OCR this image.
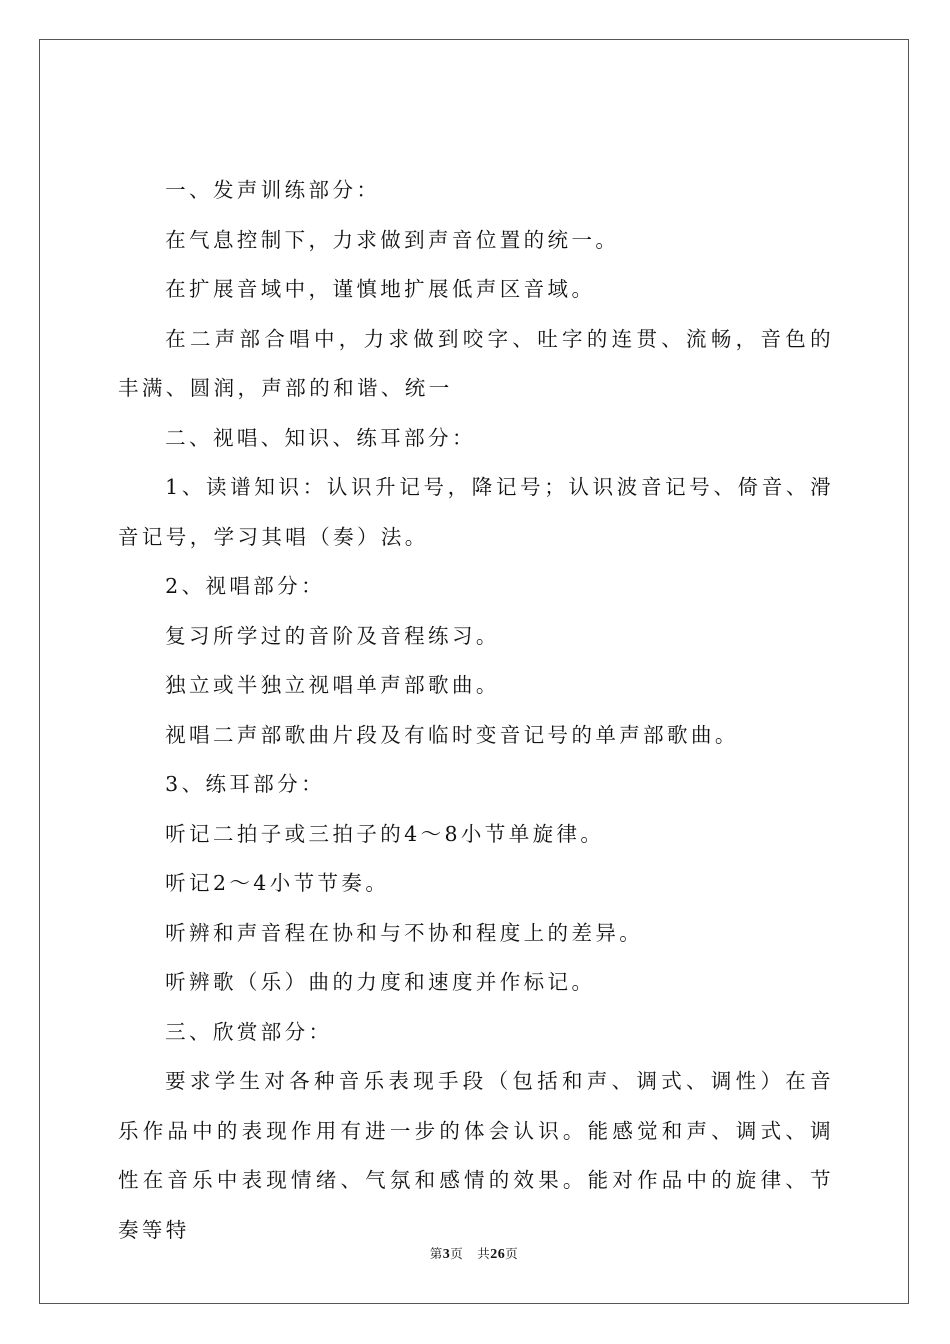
一、发声训练部分：

在气息控制下，力求做到声音位置的统一。

在扩展音域中，谨慎地扩展低声区音域。

在二声部合唱中，力求做到咬字、吐字的连贯、流畅，音色的丰满、圆润，声部的和谐、统一

二、视唱、知识、练耳部分：

1、读谱知识：认识升记号，降记号；认识波音记号、倚音、滑音记号，学习其唱（奏）法。

2、视唱部分：

复习所学过的音阶及音程练习。

独立或半独立视唱单声部歌曲。

视唱二声部歌曲片段及有临时变音记号的单声部歌曲。

3、练耳部分：

听记二拍子或三拍子的4～8小节单旋律。

听记2～4小节节奏。

听辨和声音程在协和与不协和程度上的差异。

听辨歌（乐）曲的力度和速度并作标记。

三、欣赏部分：

要求学生对各种音乐表现手段（包括和声、调式、调性）在音乐作品中的表现作用有进一步的体会认识。能感觉和声、调式、调性在音乐中表现情绪、气氛和感情的效果。能对作品中的旋律、节奏等特

第3页 共26页
